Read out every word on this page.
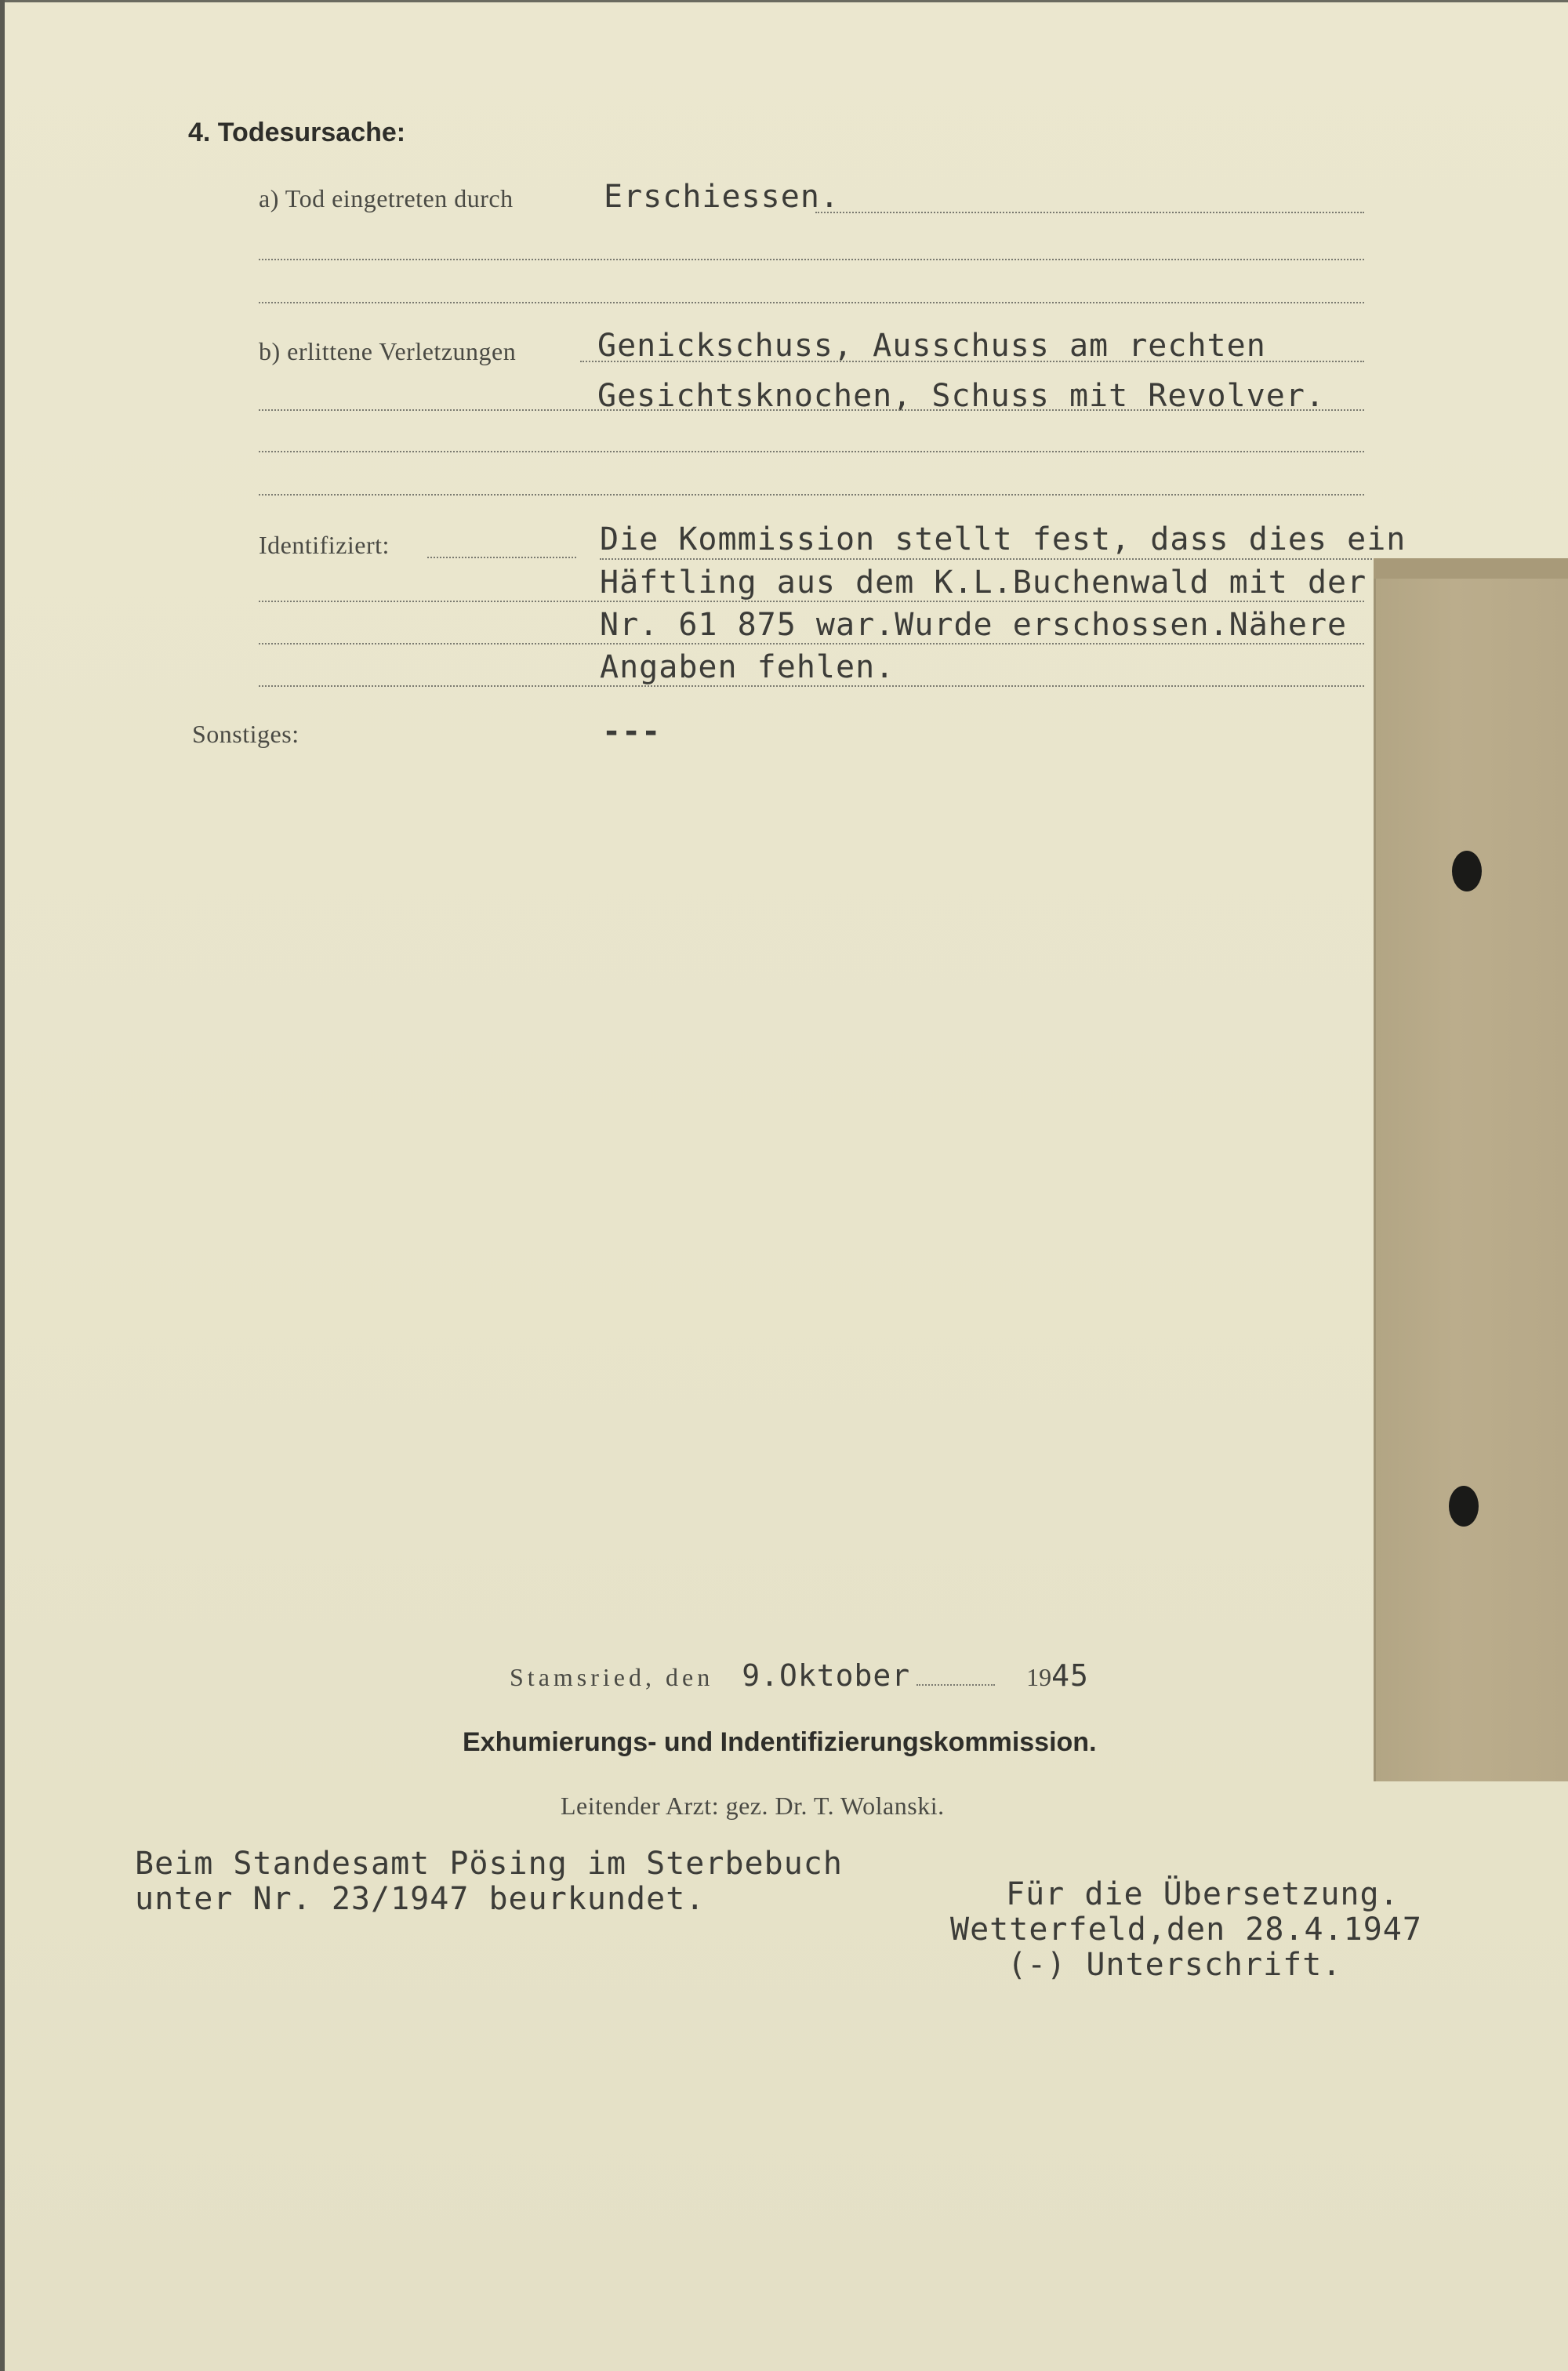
4. Todesursache:
a) Tod eingetreten durch	Erschiessen.
b) erlittene Verletzungen	Genickschuss, Ausschuss am rechten
Gesichtsknochen, Schuss mit Revolver.
Identifiziert:	Die Kommission stellt fest, dass dies ein
Häftling aus dem K.L.Buchenwald mit der
Nr. 61 875 war.Wurde erschossen.Nähere
Angaben fehlen.
Sonstiges:	---
Stamsried, den 9.Oktober	1945
Exhumierungs- und Indentifizierungskommission.
Leitender Arzt: gez. Dr. T. Wolanski.
Beim Standesamt Pösing im Sterbebuch
unter Nr. 23/1947 beurkundet.	Für die Übersetzung.
Wetterfeld,den 28.4.1947
(-) Unterschrift.
